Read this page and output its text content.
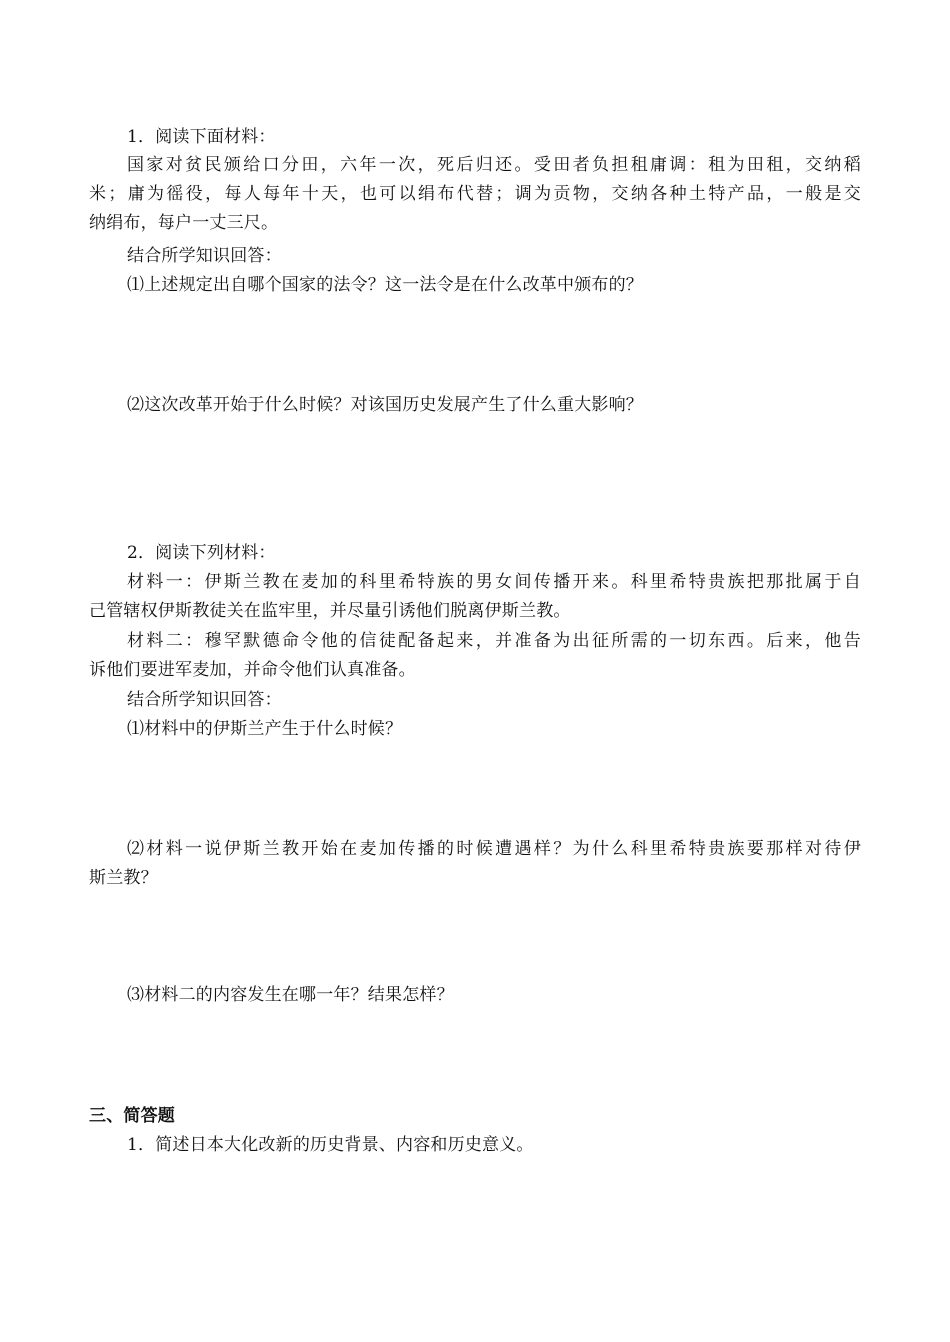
1．阅读下面材料：
国家对贫民颁给口分田，六年一次，死后归还。受田者负担租庸调：租为田租，交纳稻
米；庸为徭役，每人每年十天，也可以绢布代替；调为贡物，交纳各种土特产品，一般是交
纳绢布，每户一丈三尺。
结合所学知识回答：
⑴上述规定出自哪个国家的法令？这一法令是在什么改革中颁布的？
⑵这次改革开始于什么时候？对该国历史发展产生了什么重大影响？
2．阅读下列材料：
材料一：伊斯兰教在麦加的科里希特族的男女间传播开来。科里希特贵族把那批属于自
己管辖权伊斯教徒关在监牢里，并尽量引诱他们脱离伊斯兰教。
材料二：穆罕默德命令他的信徒配备起来，并准备为出征所需的一切东西。后来，他告
诉他们要进军麦加，并命令他们认真准备。
结合所学知识回答：
⑴材料中的伊斯兰产生于什么时候？
⑵材料一说伊斯兰教开始在麦加传播的时候遭遇样？为什么科里希特贵族要那样对待伊
斯兰教？
⑶材料二的内容发生在哪一年？结果怎样？
三、简答题
1．简述日本大化改新的历史背景、内容和历史意义。
